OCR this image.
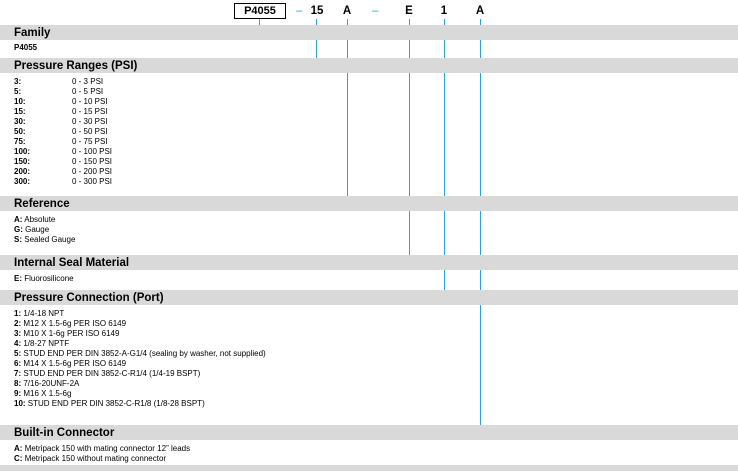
P4055	– 15	A – E	1	A
Family
P4055
Pressure Ranges (PSI)
3:	0 - 3 PSI
5:	0 - 5 PSI
10:	0 - 10 PSI
15:	0 - 15 PSI
30:	0 - 30 PSI
50:	0 - 50 PSI
75:	0 - 75 PSI
100:	0 - 100 PSI
150:	0 - 150 PSI
200:	0 - 200 PSI
300:	0 - 300 PSI
Reference
A: Absolute
G: Gauge
S: Sealed Gauge
Internal Seal Material
E: Fluorosilicone
Pressure Connection (Port)
1: 1/4-18 NPT
2: M12 X 1.5-6g PER ISO 6149
3: M10 X 1-6g PER ISO 6149
4: 1/8-27 NPTF
5: STUD END PER DIN 3852-A-G1/4 (sealing by washer, not supplied)
6: M14 X 1.5-6g PER ISO 6149
7: STUD END PER DIN 3852-C-R1/4 (1/4-19 BSPT)
8: 7/16-20UNF-2A
9: M16 X 1.5-6g
10: STUD END PER DIN 3852-C-R1/8 (1/8-28 BSPT)
Built-in Connector
A: Metripack 150 with mating connector 12” leads
C: Metripack 150 without mating connector
